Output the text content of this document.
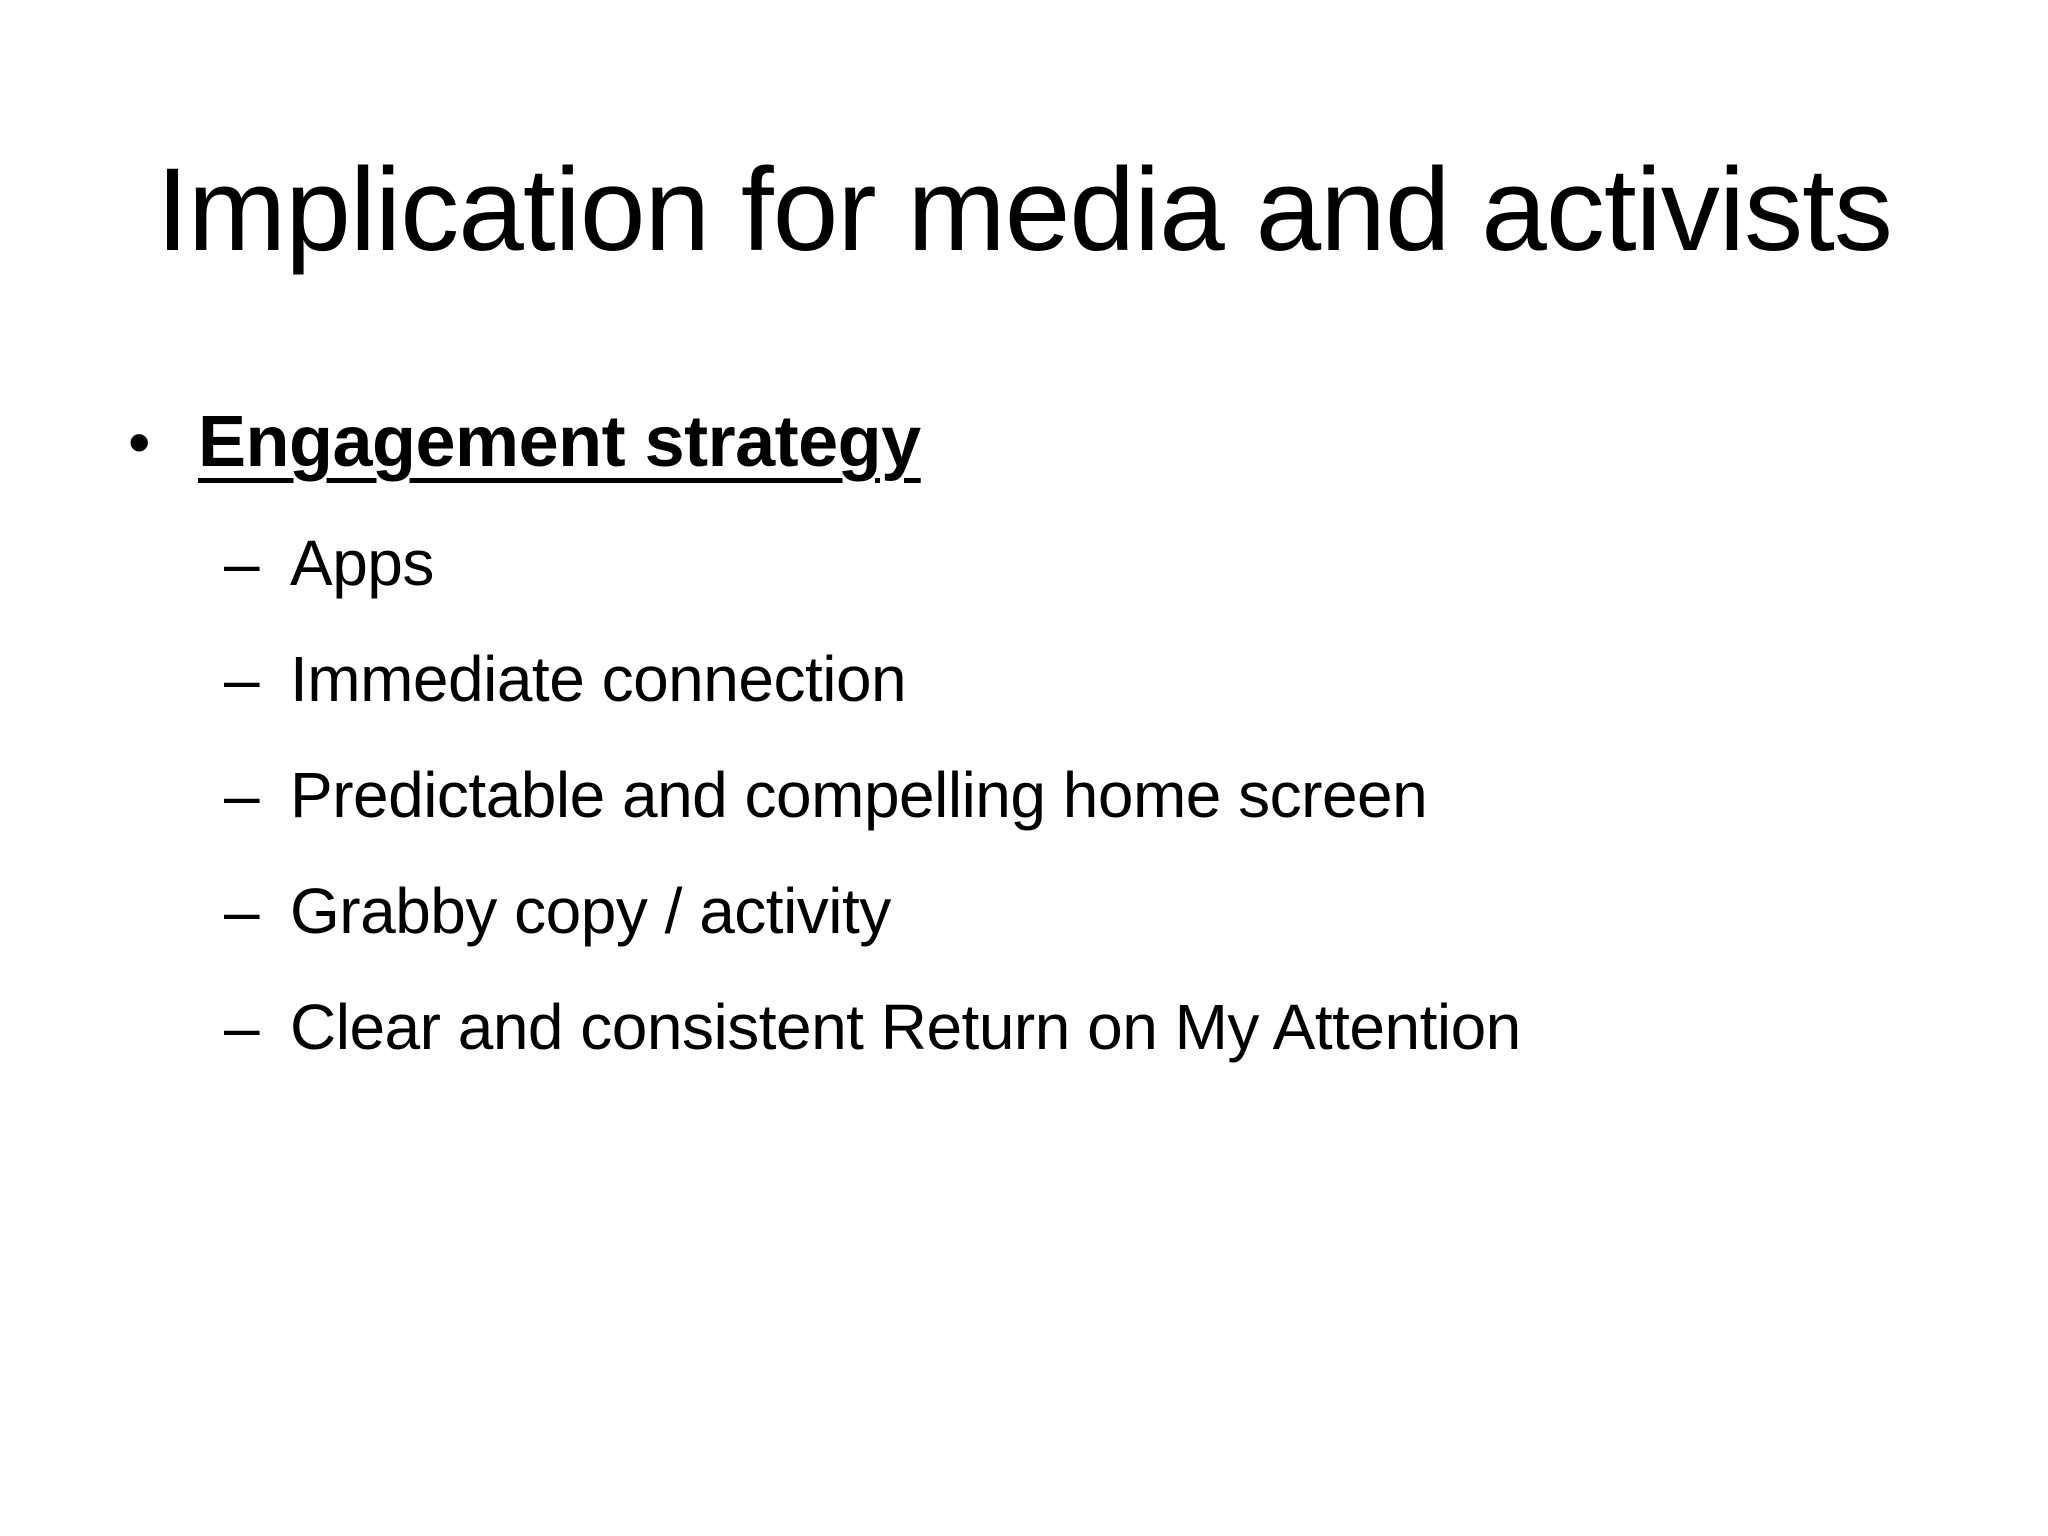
Implication for media and activists
• Engagement strategy
– Apps
– Immediate connection
– Predictable and compelling home screen
– Grabby copy / activity
– Clear and consistent Return on My Attention
